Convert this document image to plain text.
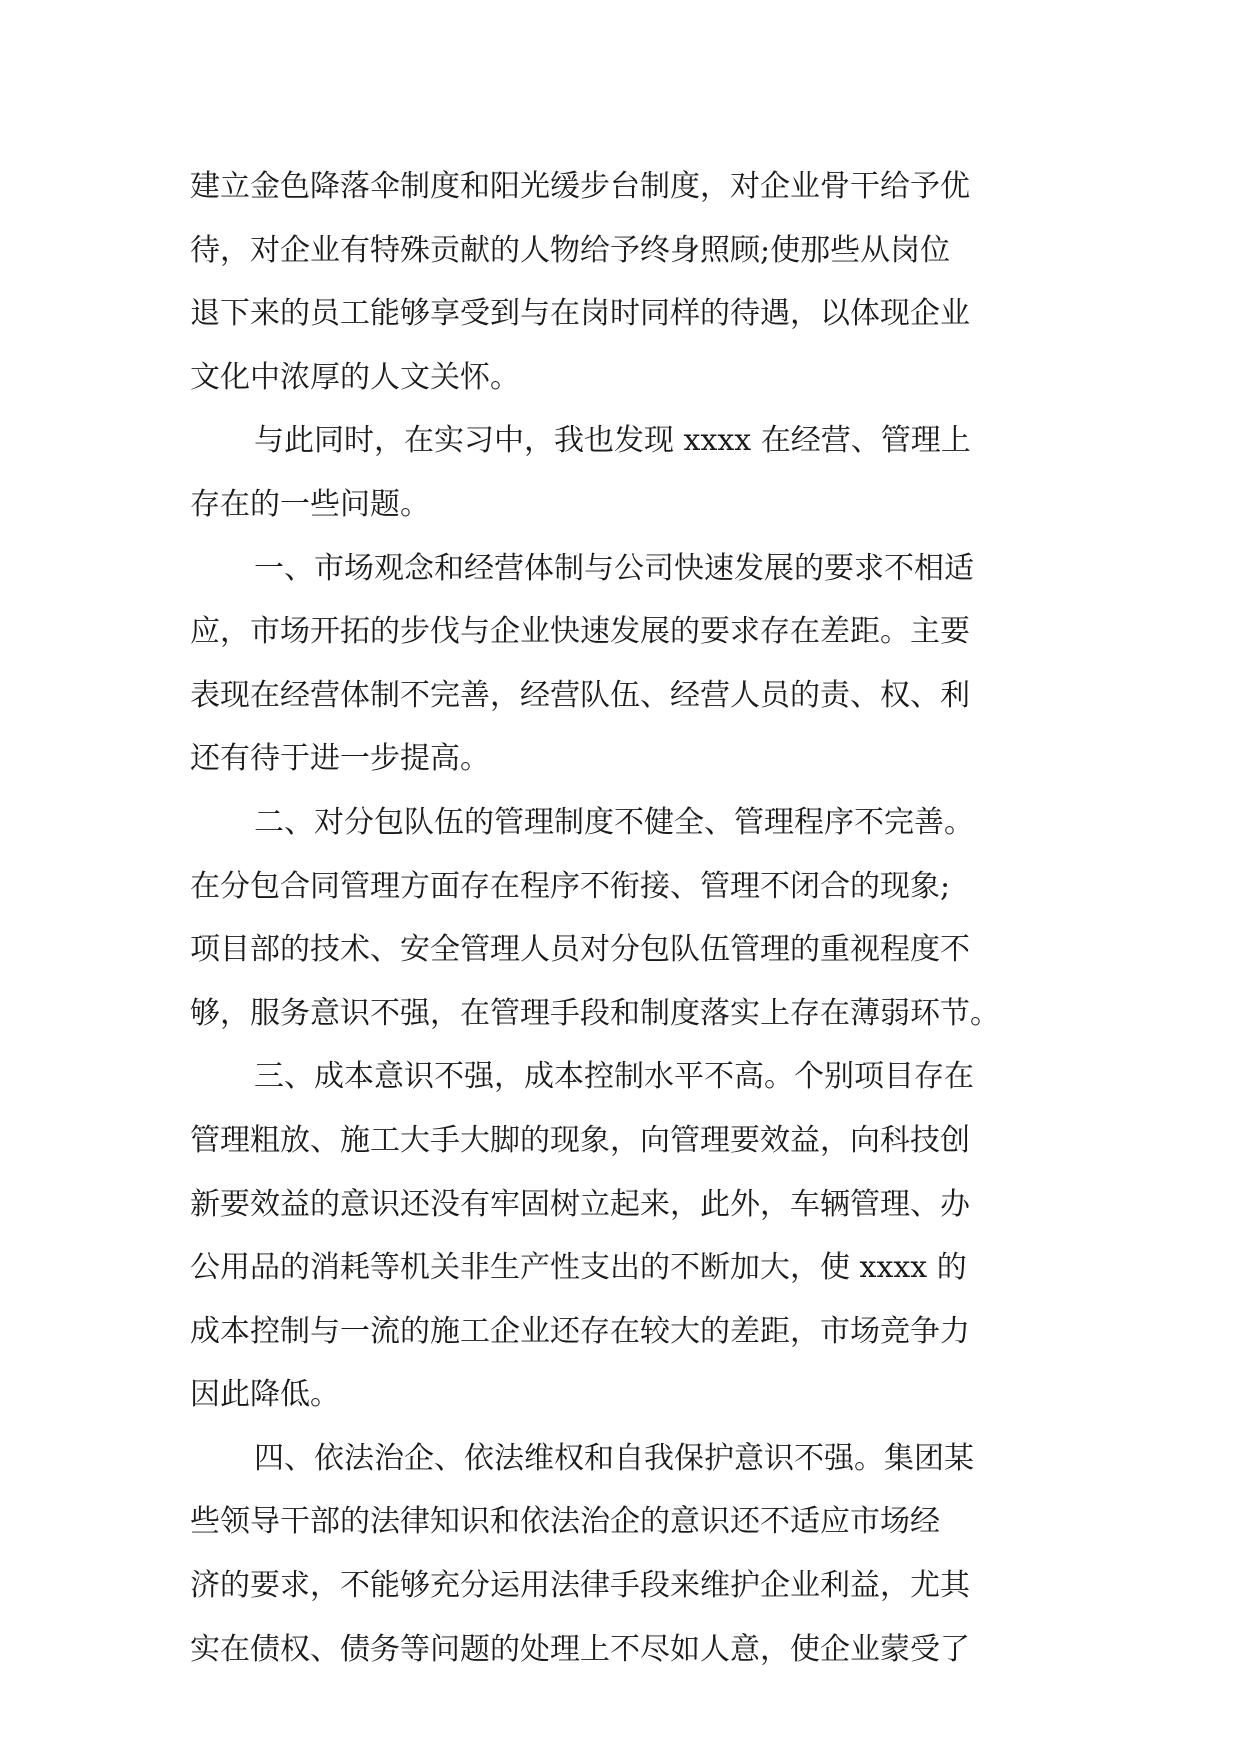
建立金色降落伞制度和阳光缓步台制度，对企业骨干给予优
待，对企业有特殊贡献的人物给予终身照顾;使那些从岗位
退下来的员工能够享受到与在岗时同样的待遇，以体现企业
文化中浓厚的人文关怀。
与此同时，在实习中，我也发现 xxxx 在经营、管理上
存在的一些问题。
一、市场观念和经营体制与公司快速发展的要求不相适
应，市场开拓的步伐与企业快速发展的要求存在差距。主要
表现在经营体制不完善，经营队伍、经营人员的责、权、利
还有待于进一步提高。
二、对分包队伍的管理制度不健全、管理程序不完善。
在分包合同管理方面存在程序不衔接、管理不闭合的现象;
项目部的技术、安全管理人员对分包队伍管理的重视程度不
够，服务意识不强，在管理手段和制度落实上存在薄弱环节。
三、成本意识不强，成本控制水平不高。个别项目存在
管理粗放、施工大手大脚的现象，向管理要效益，向科技创
新要效益的意识还没有牢固树立起来，此外，车辆管理、办
公用品的消耗等机关非生产性支出的不断加大，使 xxxx 的
成本控制与一流的施工企业还存在较大的差距，市场竞争力
因此降低。
四、依法治企、依法维权和自我保护意识不强。集团某
些领导干部的法律知识和依法治企的意识还不适应市场经
济的要求，不能够充分运用法律手段来维护企业利益，尤其
实在债权、债务等问题的处理上不尽如人意，使企业蒙受了
